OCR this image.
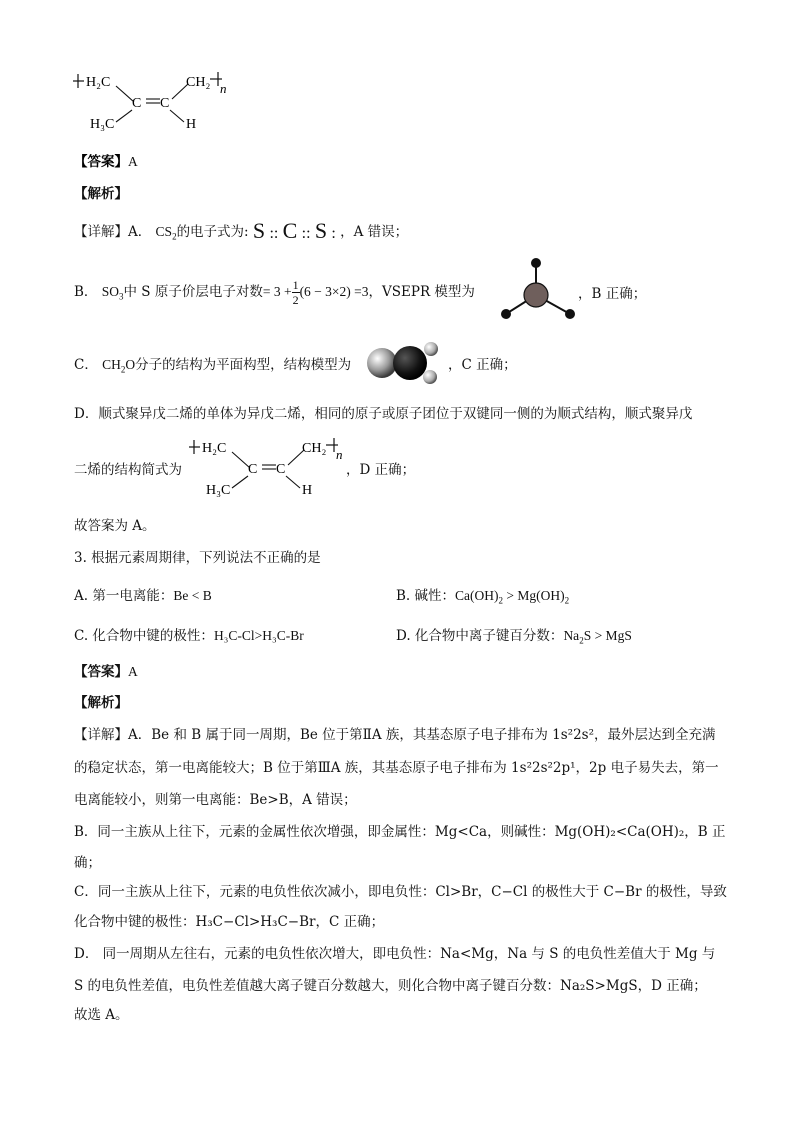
H₂C
C C
CH₂ n
H₃C	H
【答案】A
【解析】
【详解】A． $CS_2$的电子式为: S :: C :: S : ，A 错误；
B． $SO_3$中 S 原子价层电子对数= $3 + \frac{1}{2} (6 - 3\times 2) =3$，VSEPR 模型为	，B 正确；
C． $CH_2O$分子的结构为平面构型，结构模型为	，C 正确；
D．顺式聚异戊二烯的单体为异戊二烯，相同的原子或原子团位于双键同一侧的为顺式结构，顺式聚异戊
二烯的结构简式为
H₂C
C C
CH₂ n
H₃C	H
，D 正确；
故答案为 A。
3. 根据元素周期律，下列说法不正确的是
A. 第一电离能：Be < B	B. 碱性：$Ca(OH)_2 > Mg(OH)_2$
C. 化合物中键的极性：H₃C-Cl>H₃C-Br	D. 化合物中离子键百分数：$Na_2S$ > MgS
【答案】A
【解析】
【详解】A．Be 和 B 属于同一周期，Be 位于第ⅡA 族，其基态原子电子排布为 1s²2s²，最外层达到全充满
的稳定状态，第一电离能较大；B 位于第ⅢA 族，其基态原子电子排布为 1s²2s²2p¹，2p 电子易失去，第一
电离能较小，则第一电离能：Be>B，A 错误；
B．同一主族从上往下，元素的金属性依次增强，即金属性：Mg<Ca，则碱性：Mg(OH)₂<Ca(OH)₂，B 正
确；
C．同一主族从上往下，元素的电负性依次减小，即电负性：Cl>Br，C−Cl 的极性大于 C−Br 的极性，导致
化合物中键的极性：H₃C−Cl>H₃C−Br，C 正确；
D． 同一周期从左往右，元素的电负性依次增大，即电负性：Na<Mg，Na 与 S 的电负性差值大于 Mg 与
S 的电负性差值，电负性差值越大离子键百分数越大，则化合物中离子键百分数：Na₂S>MgS，D 正确；
故选 A。
